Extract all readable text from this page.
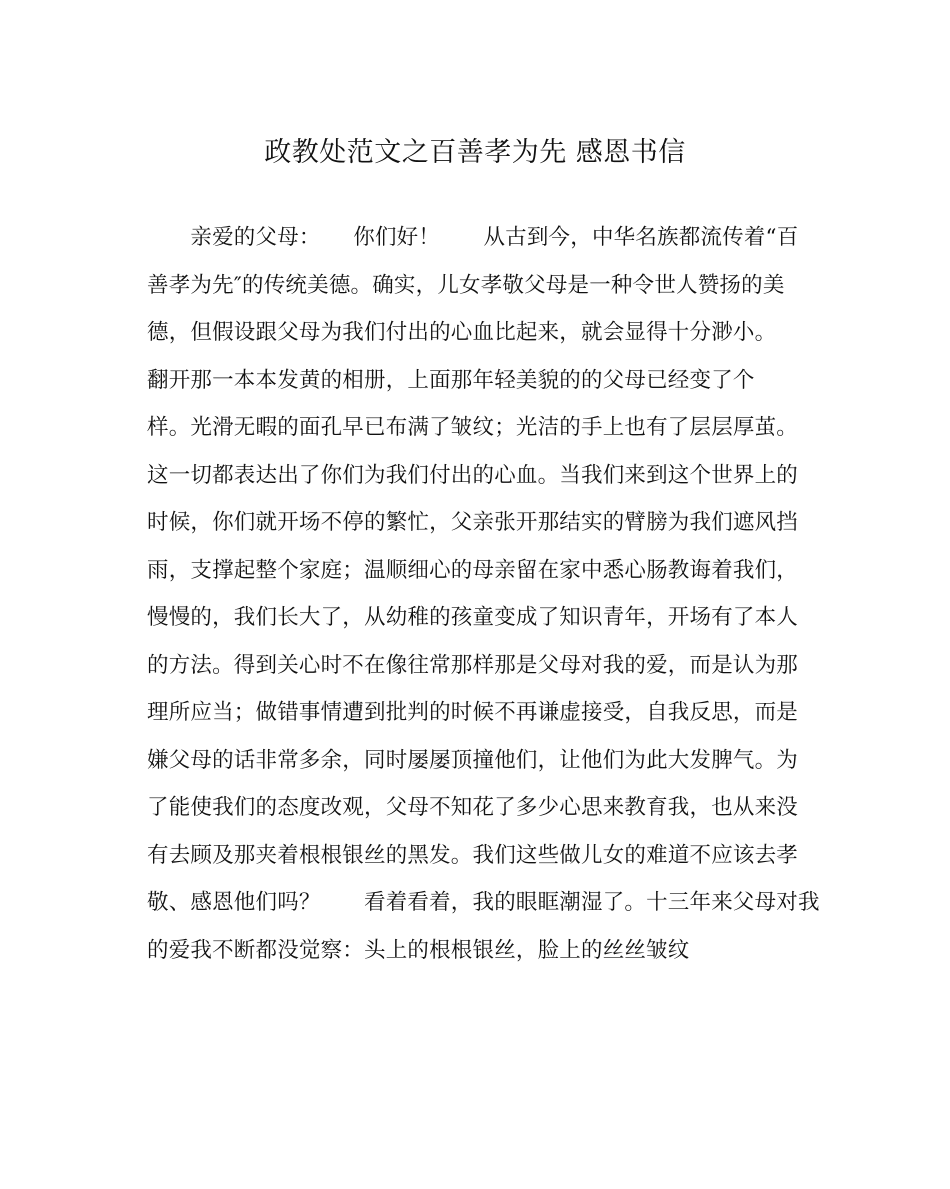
政教处范文之百善孝为先 感恩书信
　　亲爱的父母：　　你们好！　　从古到今，中华名族都流传着“百
善孝为先″的传统美德。确实，儿女孝敬父母是一种令世人赞扬的美
德，但假设跟父母为我们付出的心血比起来，就会显得十分渺小。
翻开那一本本发黄的相册，上面那年轻美貌的的父母已经变了个
样。光滑无暇的面孔早已布满了皱纹；光洁的手上也有了层层厚茧。
这一切都表达出了你们为我们付出的心血。当我们来到这个世界上的
时候，你们就开场不停的繁忙，父亲张开那结实的臂膀为我们遮风挡
雨，支撑起整个家庭；温顺细心的母亲留在家中悉心肠教诲着我们，
慢慢的，我们长大了，从幼稚的孩童变成了知识青年，开场有了本人
的方法。得到关心时不在像往常那样那是父母对我的爱，而是认为那
理所应当；做错事情遭到批判的时候不再谦虚接受，自我反思，而是
嫌父母的话非常多余，同时屡屡顶撞他们，让他们为此大发脾气。为
了能使我们的态度改观，父母不知花了多少心思来教育我，也从来没
有去顾及那夹着根根银丝的黑发。我们这些做儿女的难道不应该去孝
敬、感恩他们吗？　　看着看着，我的眼眶潮湿了。十三年来父母对我
的爱我不断都没觉察：头上的根根银丝，脸上的丝丝皱纹
